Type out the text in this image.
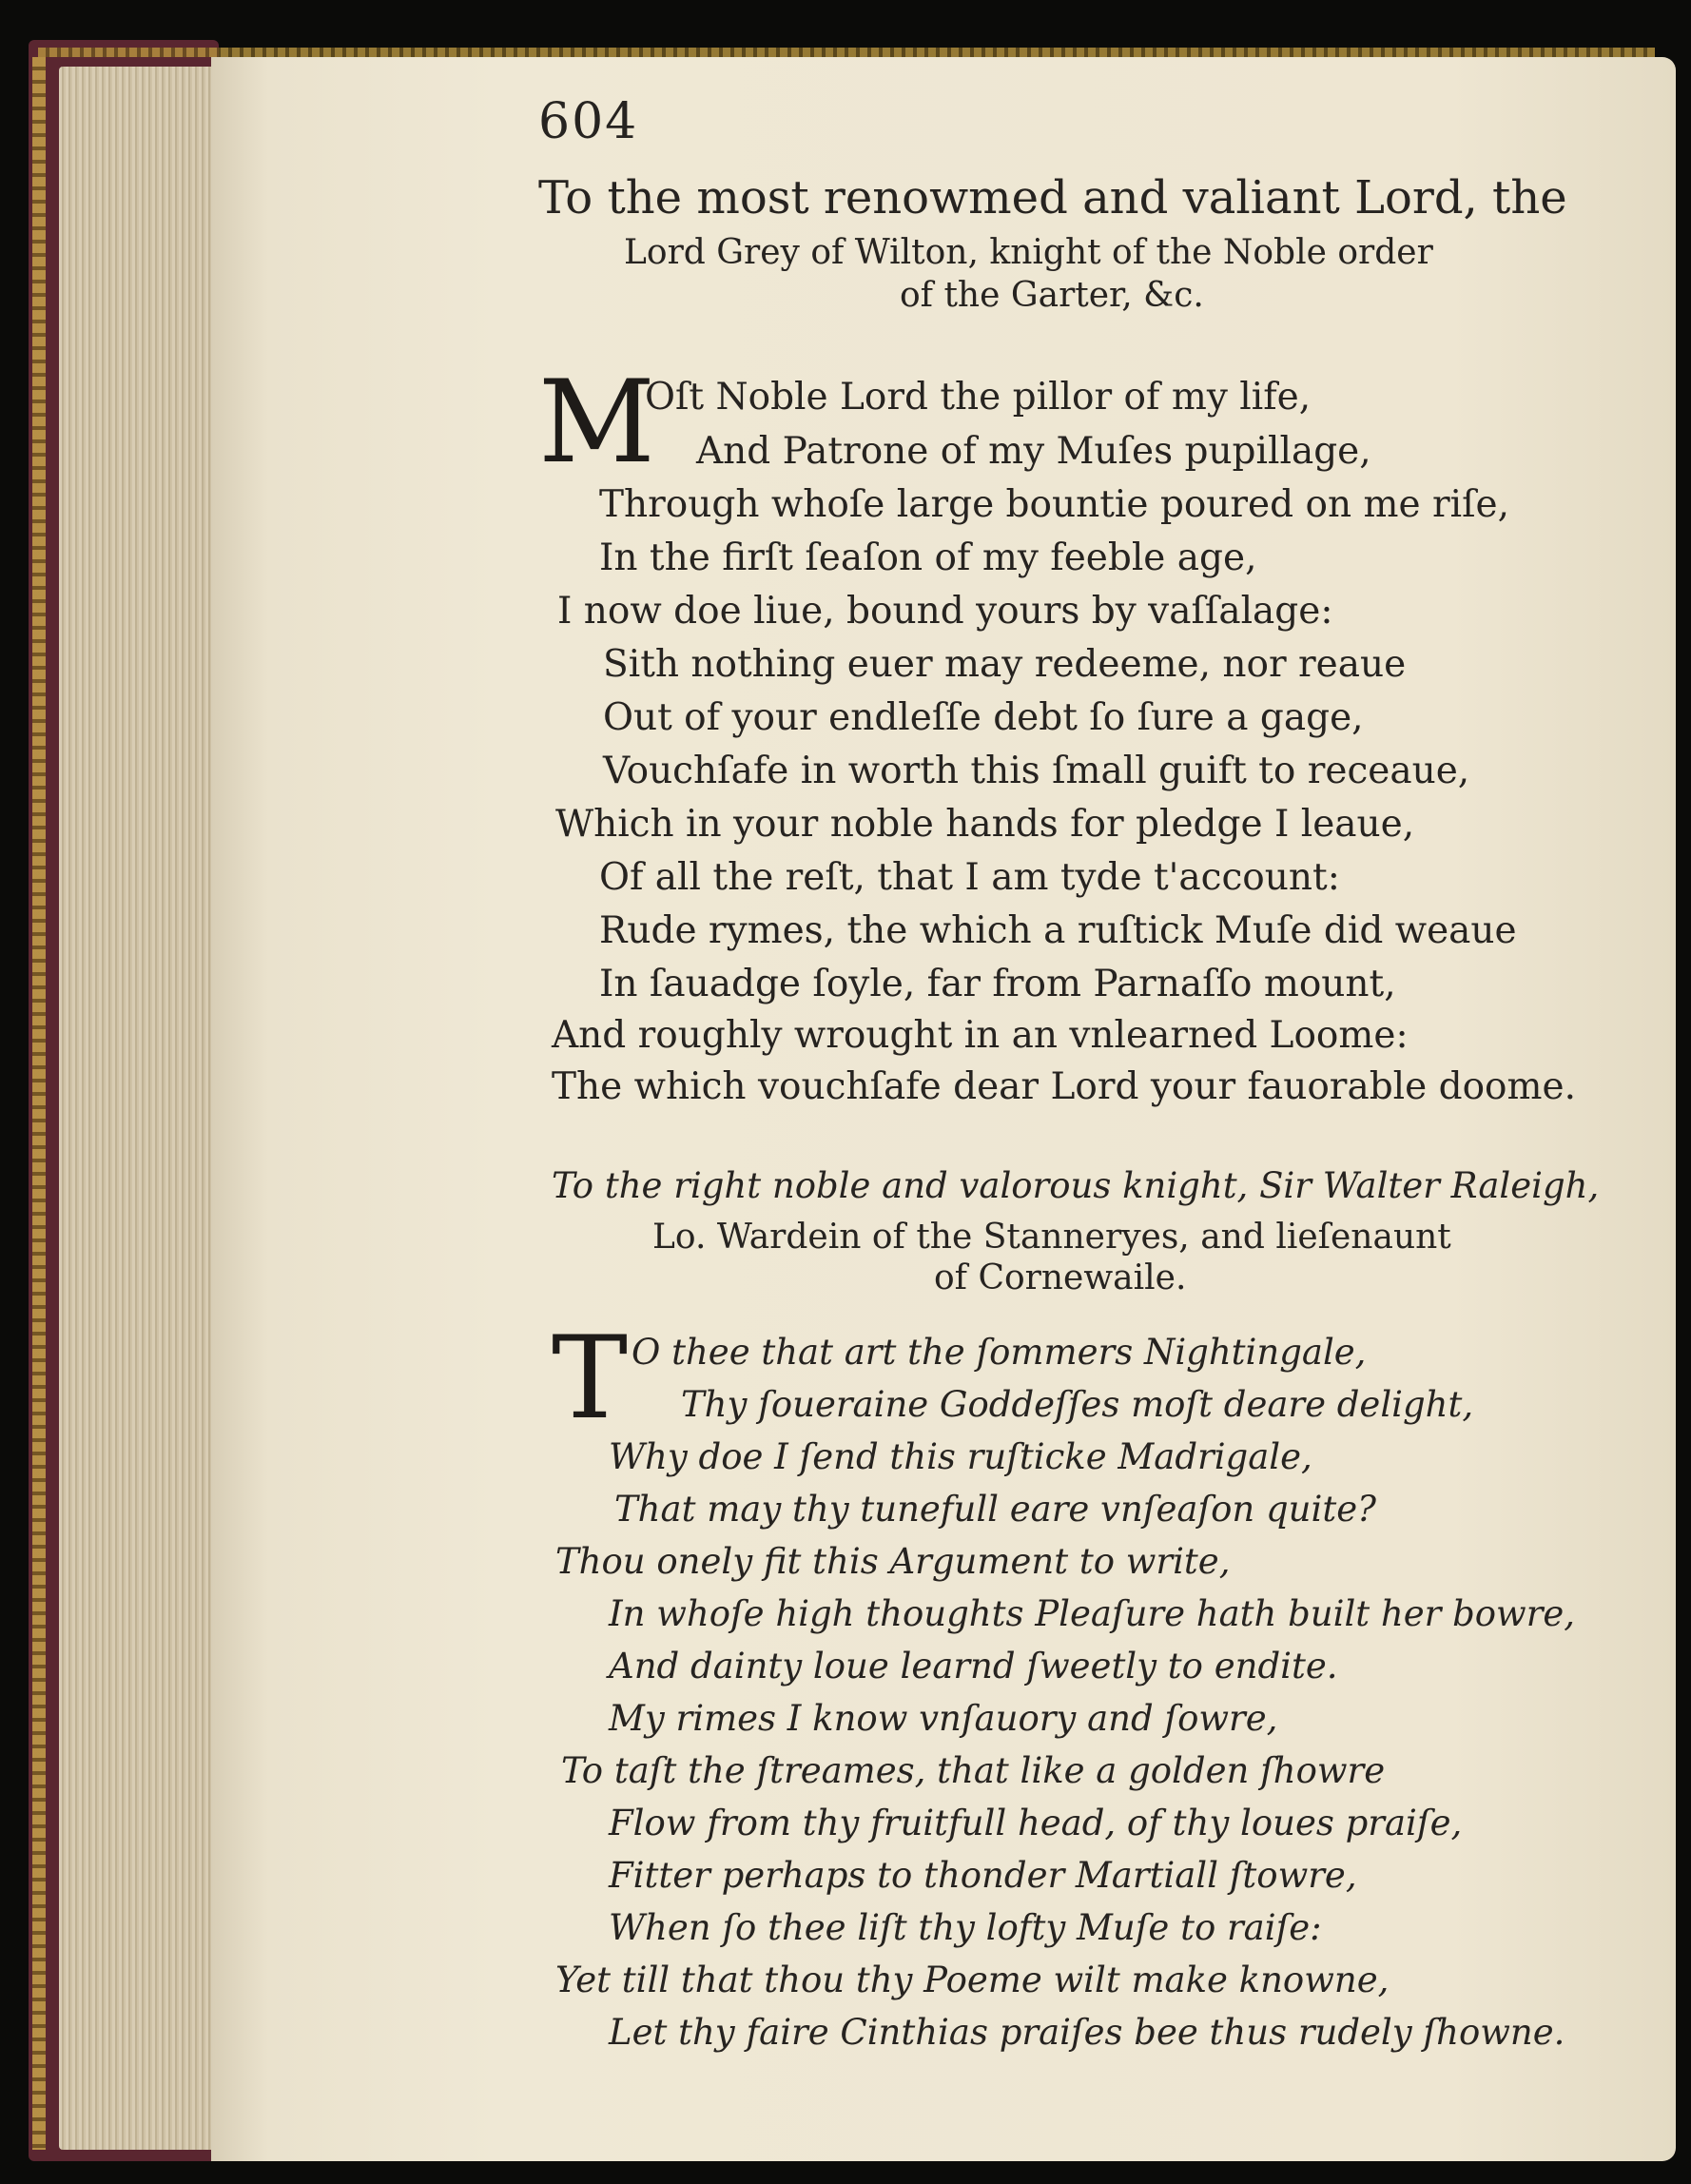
604
To the most renowmed and valiant Lord, the
Lord Grey of Wilton, knight of the Noble order
of the Garter, &c.
M
Oſt Noble Lord the pillor of my life,
And Patrone of my Muſes pupillage,
Through whoſe large bountie poured on me riſe,
In the firſt ſeaſon of my feeble age,
I now doe liue, bound yours by vaſſalage:
Sith nothing euer may redeeme, nor reaue
Out of your endleſſe debt ſo ſure a gage,
Vouchſafe in worth this ſmall guift to receaue,
Which in your noble hands for pledge I leaue,
Of all the reſt, that I am tyde t'account:
Rude rymes, the which a ruſtick Muſe did weaue
In ſauadge ſoyle, far from Parnaſſo mount,
And roughly wrought in an vnlearned Loome:
The which vouchſafe dear Lord your fauorable doome.
To the right noble and valorous knight, Sir Walter Raleigh,
Lo. Wardein of the Stanneryes, and lieſenaunt
of Cornewaile.
T O thee that art the ſommers Nightingale,
Thy ſoueraine Goddeſſes moſt deare delight,
Why doe I ſend this ruſticke Madrigale,
That may thy tunefull eare vnſeaſon quite?
Thou onely fit this Argument to write,
In whoſe high thoughts Pleaſure hath built her bowre,
And dainty loue learnd ſweetly to endite.
My rimes I know vnſauory and ſowre,
To taſt the ſtreames, that like a golden ſhowre
Flow from thy fruitfull head, of thy loues praiſe,
Fitter perhaps to thonder Martiall ſtowre,
When ſo thee liſt thy lofty Muſe to raiſe:
Yet till that thou thy Poeme wilt make knowne,
Let thy faire Cinthias praiſes bee thus rudely ſhowne.
